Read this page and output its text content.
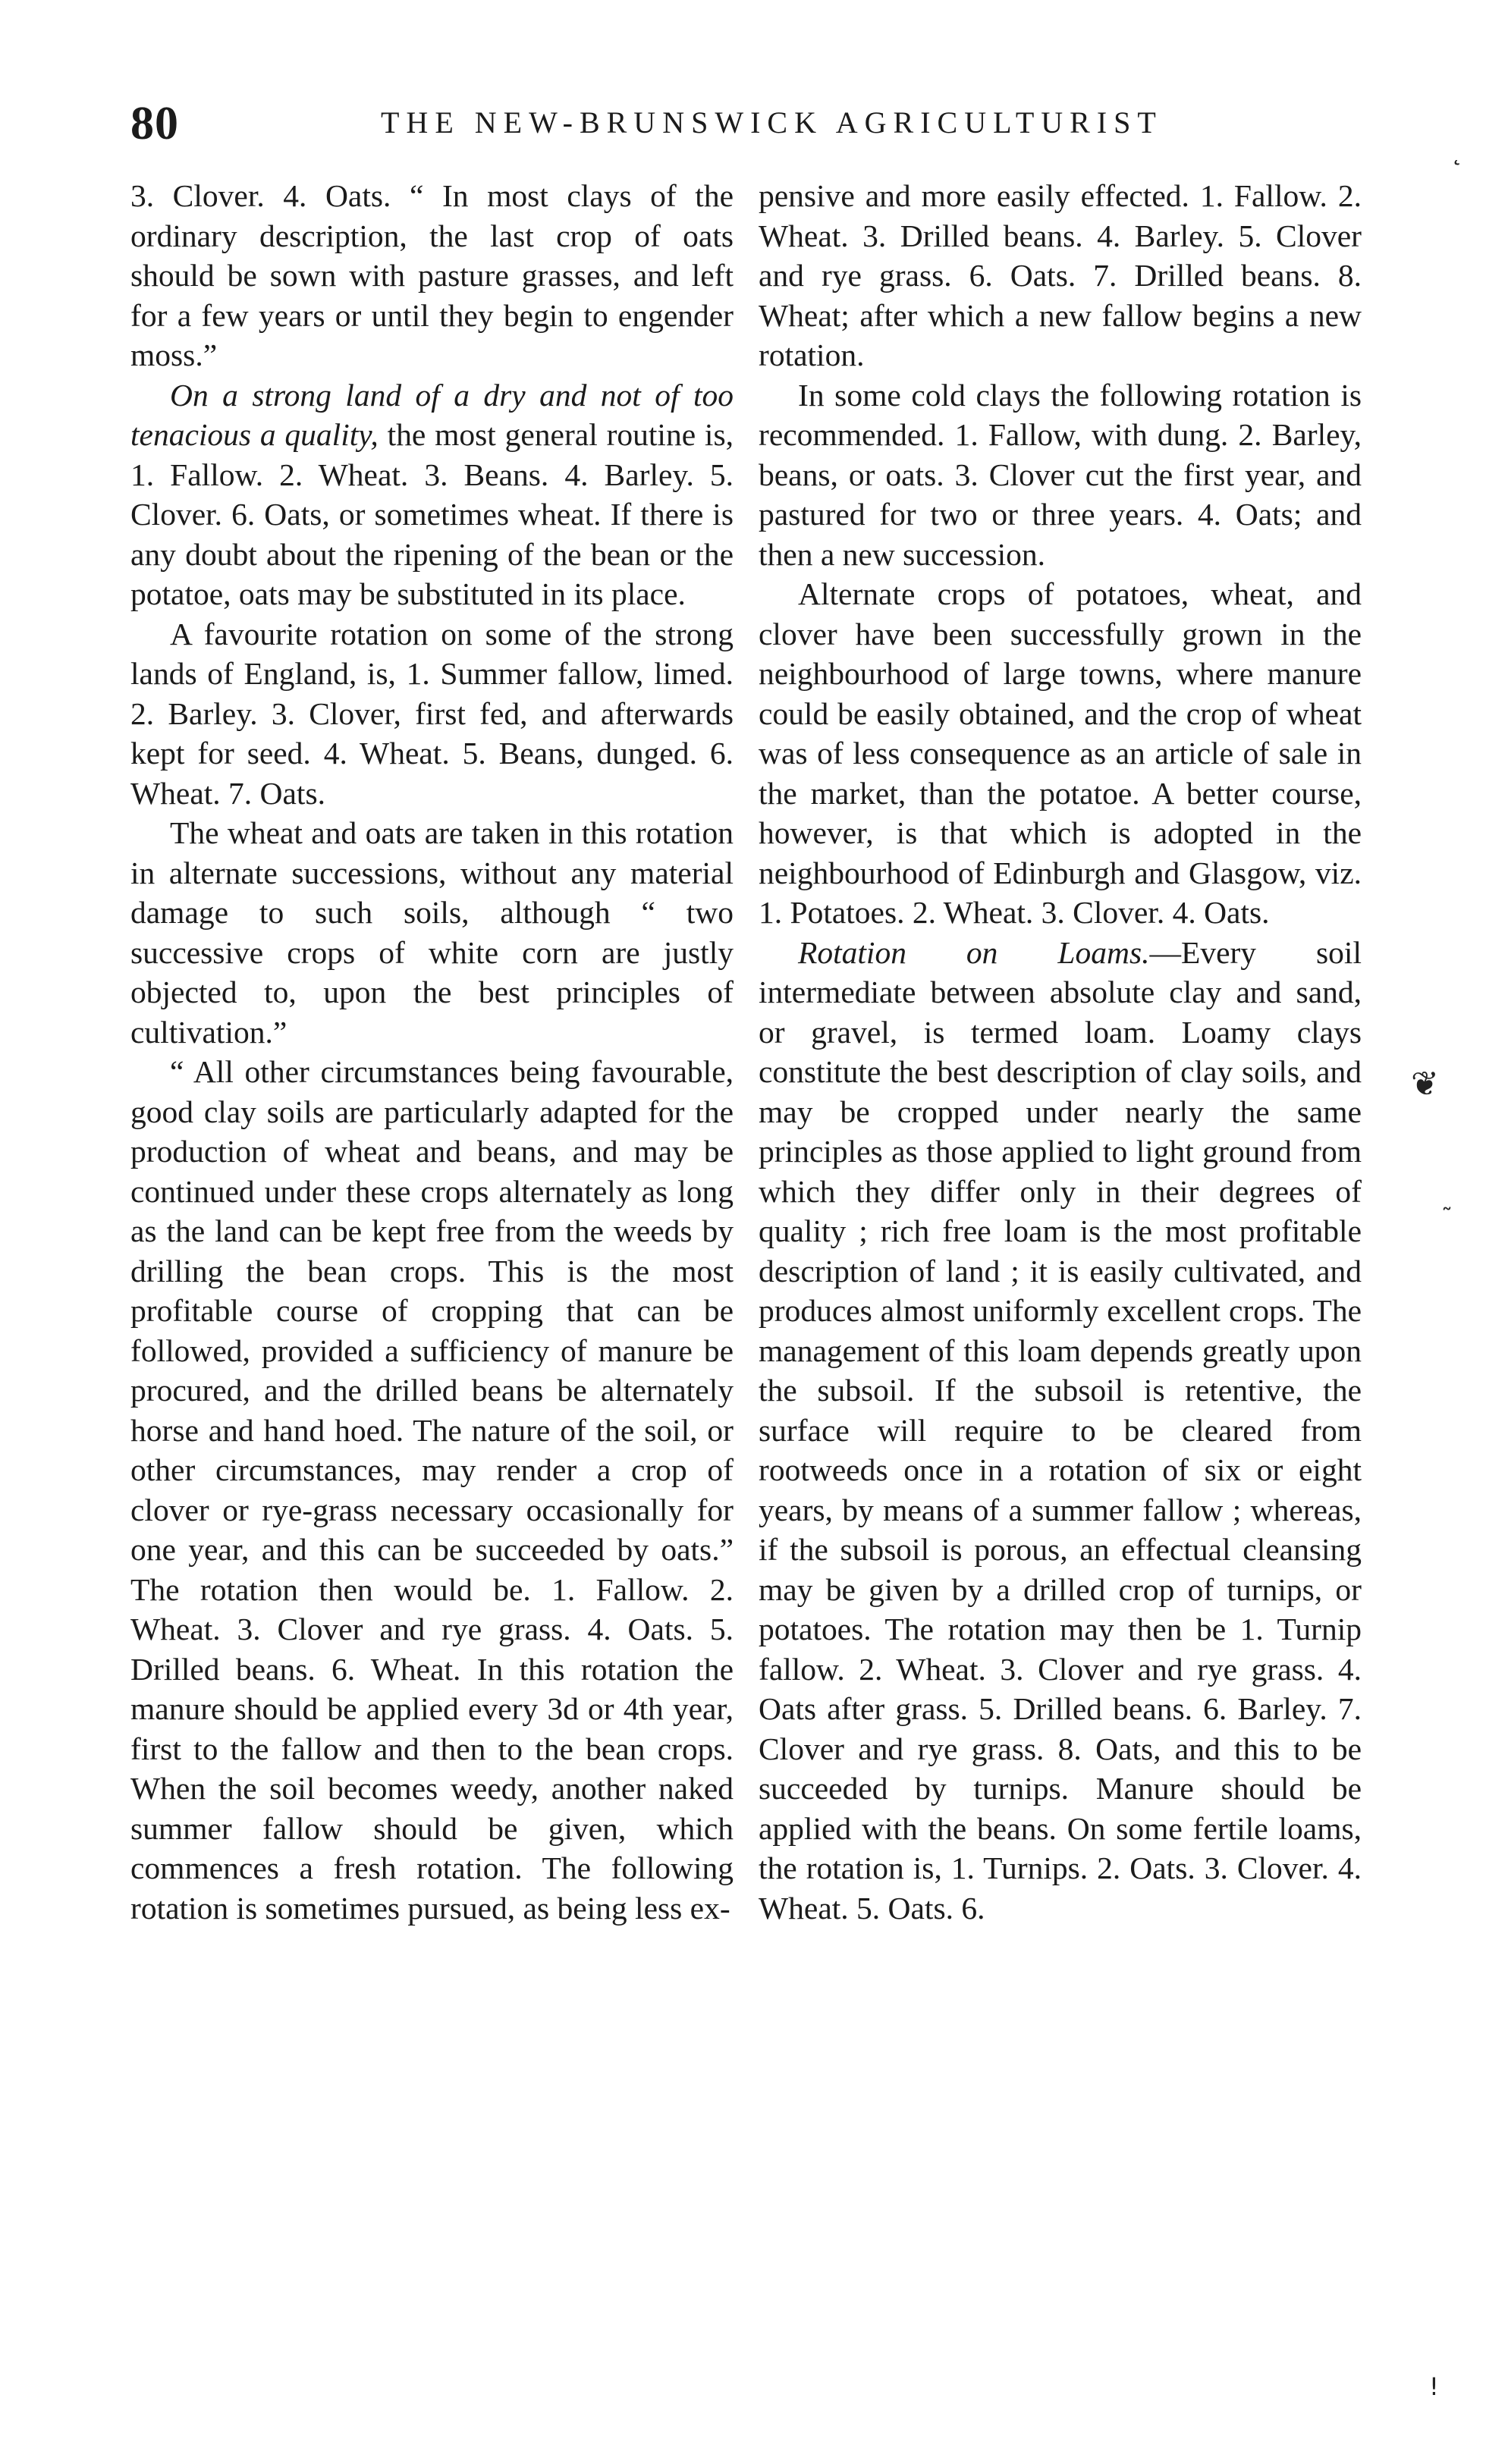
80	THE NEW-BRUNSWICK AGRICULTURIST

3. Clover. 4. Oats. “ In most clays of the ordinary description, the last crop of oats should be sown with pasture grasses, and left for a few years or until they begin to engender moss.”

On a strong land of a dry and not of too tenacious a quality, the most general routine is, 1. Fallow. 2. Wheat. 3. Beans. 4. Barley. 5. Clover. 6. Oats, or sometimes wheat. If there is any doubt about the ripening of the bean or the potatoe, oats may be substituted in its place.

A favourite rotation on some of the strong lands of England, is, 1. Summer fallow, limed. 2. Barley. 3. Clover, first fed, and afterwards kept for seed. 4. Wheat. 5. Beans, dunged. 6. Wheat. 7. Oats.

The wheat and oats are taken in this rotation in alternate successions, without any material damage to such soils, although “ two successive crops of white corn are justly objected to, upon the best principles of cultivation.”

“ All other circumstances being favourable, good clay soils are particularly adapted for the production of wheat and beans, and may be continued under these crops alternately as long as the land can be kept free from the weeds by drilling the bean crops. This is the most profitable course of cropping that can be followed, provided a sufficiency of manure be procured, and the drilled beans be alternately horse and hand hoed. The nature of the soil, or other circumstances, may render a crop of clover or rye-grass necessary occasionally for one year, and this can be succeeded by oats.” The rotation then would be. 1. Fallow. 2. Wheat. 3. Clover and rye grass. 4. Oats. 5. Drilled beans. 6. Wheat. In this rotation the manure should be applied every 3d or 4th year, first to the fallow and then to the bean crops. When the soil becomes weedy, another naked summer fallow should be given, which commences a fresh rotation. The following rotation is sometimes pursued, as being less ex-

pensive and more easily effected. 1. Fallow. 2. Wheat. 3. Drilled beans. 4. Barley. 5. Clover and rye grass. 6. Oats. 7. Drilled beans. 8. Wheat; after which a new fallow begins a new rotation.

In some cold clays the following rotation is recommended. 1. Fallow, with dung. 2. Barley, beans, or oats. 3. Clover cut the first year, and pastured for two or three years. 4. Oats; and then a new succession.

Alternate crops of potatoes, wheat, and clover have been successfully grown in the neighbourhood of large towns, where manure could be easily obtained, and the crop of wheat was of less consequence as an article of sale in the market, than the potatoe. A better course, however, is that which is adopted in the neighbourhood of Edinburgh and Glasgow, viz. 1. Potatoes. 2. Wheat. 3. Clover. 4. Oats.

Rotation on Loams.—Every soil intermediate between absolute clay and sand, or gravel, is termed loam. Loamy clays constitute the best description of clay soils, and may be cropped under nearly the same principles as those applied to light ground from which they differ only in their degrees of quality ; rich free loam is the most profitable description of land ; it is easily cultivated, and produces almost uniformly excellent crops. The management of this loam depends greatly upon the subsoil. If the subsoil is retentive, the surface will require to be cleared from rootweeds once in a rotation of six or eight years, by means of a summer fallow ; whereas, if the subsoil is porous, an effectual cleansing may be given by a drilled crop of turnips, or potatoes. The rotation may then be 1. Turnip fallow. 2. Wheat. 3. Clover and rye grass. 4. Oats after grass. 5. Drilled beans. 6. Barley. 7. Clover and rye grass. 8. Oats, and this to be succeeded by turnips. Manure should be applied with the beans. On some fertile loams, the rotation is, 1. Turnips. 2. Oats. 3. Clover. 4. Wheat. 5. Oats. 6.

˛
❦
˜
!
